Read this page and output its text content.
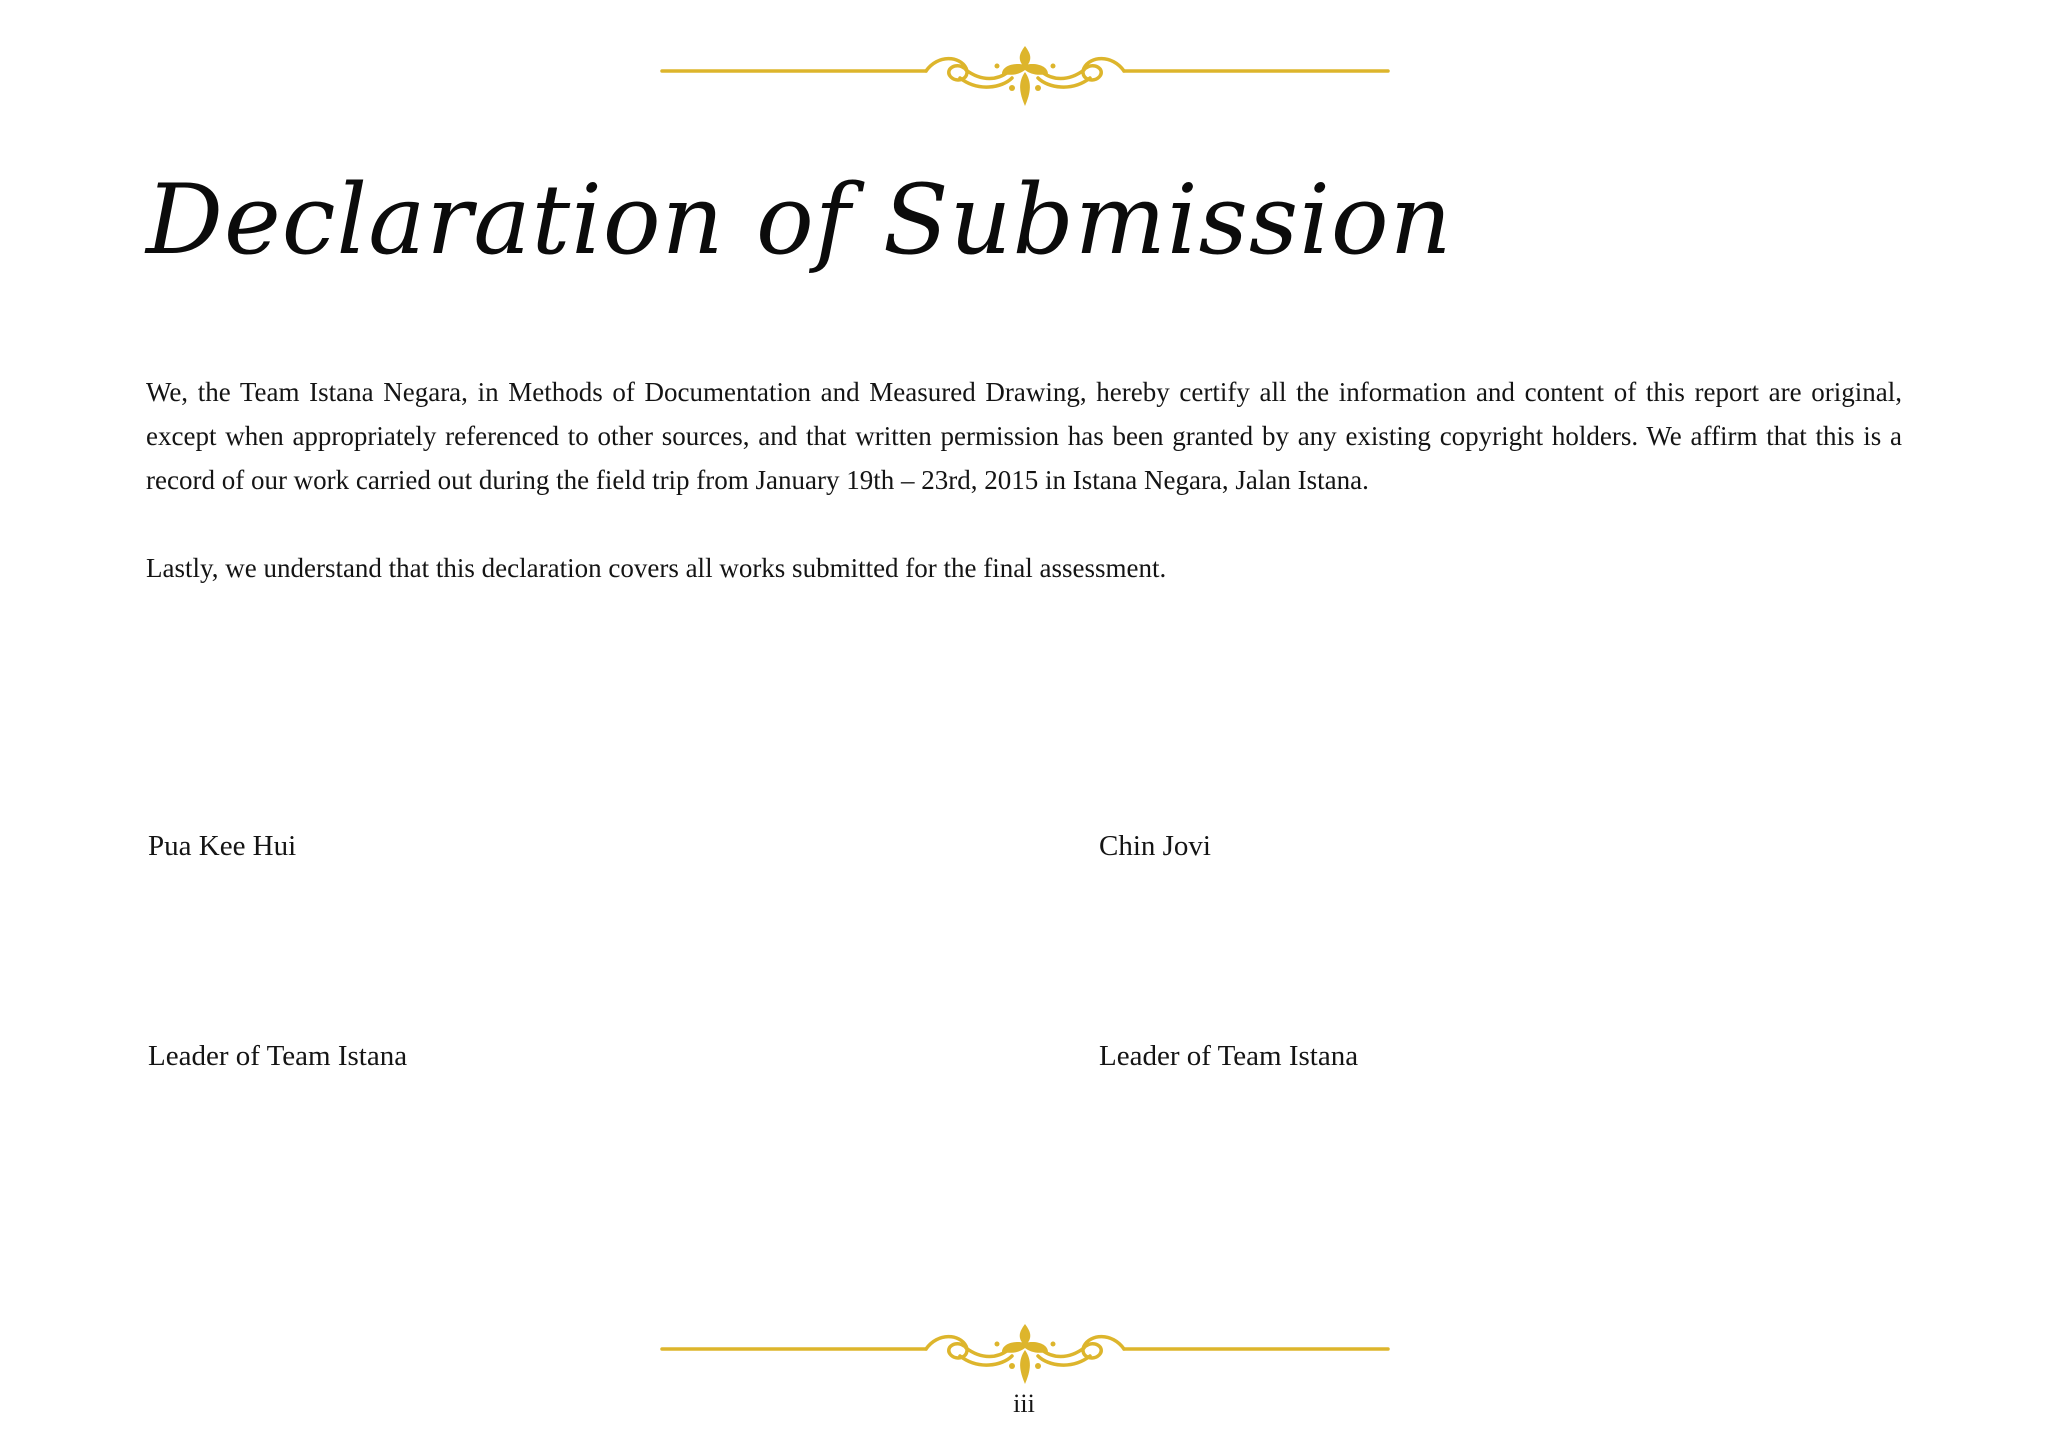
Declaration of Submission

We, the Team Istana Negara, in Methods of Documentation and Measured Drawing, hereby certify all the information and content of this report are original, except when appropriately referenced to other sources, and that written permission has been granted by any existing copyright holders. We affirm that this is a record of our work carried out during the field trip from January 19th – 23rd, 2015 in Istana Negara, Jalan Istana.

Lastly, we understand that this declaration covers all works submitted for the final assessment.

Pua Kee Hui	Chin Jovi
Leader of Team Istana	Leader of Team Istana
iii
